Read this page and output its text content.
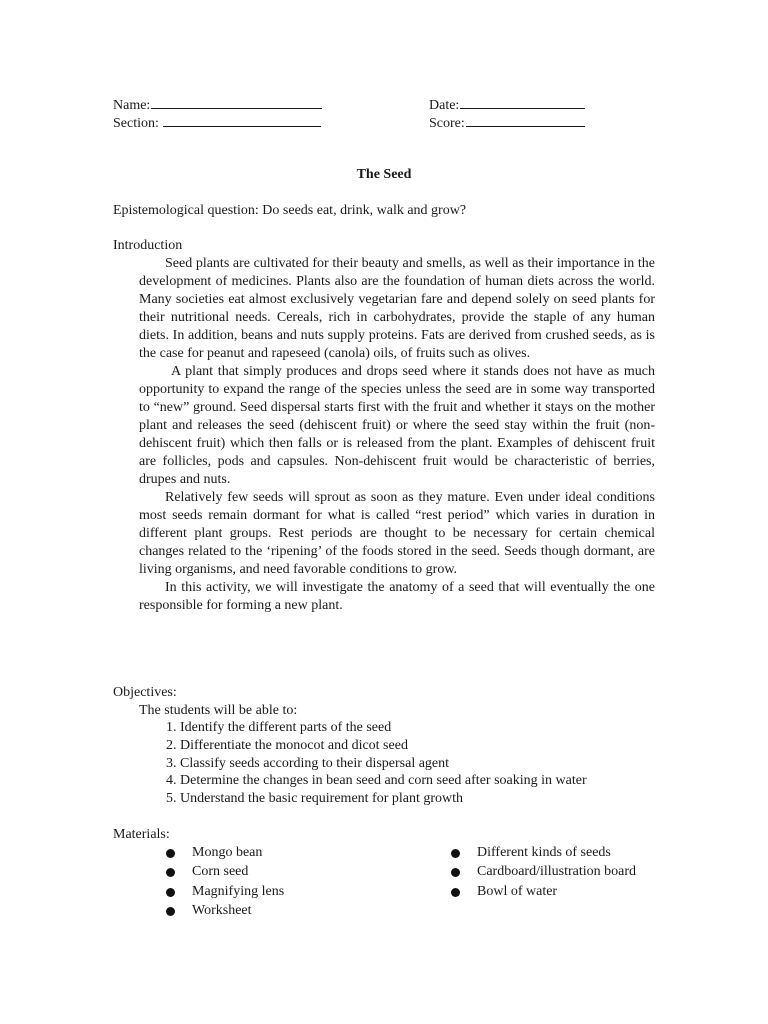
Name:	Date:
Section:	Score:
The Seed
Epistemological question: Do seeds eat, drink, walk and grow?
Introduction

Seed plants are cultivated for their beauty and smells, as well as their importance in the development of medicines. Plants also are the foundation of human diets across the world. Many societies eat almost exclusively vegetarian fare and depend solely on seed plants for their nutritional needs. Cereals, rich in carbohydrates, provide the staple of any human diets. In addition, beans and nuts supply proteins. Fats are derived from crushed seeds, as is the case for peanut and rapeseed (canola) oils, of fruits such as olives.

A plant that simply produces and drops seed where it stands does not have as much opportunity to expand the range of the species unless the seed are in some way transported to “new” ground. Seed dispersal starts first with the fruit and whether it stays on the mother plant and releases the seed (dehiscent fruit) or where the seed stay within the fruit (non-dehiscent fruit) which then falls or is released from the plant. Examples of dehiscent fruit are follicles, pods and capsules. Non-dehiscent fruit would be characteristic of berries, drupes and nuts.

Relatively few seeds will sprout as soon as they mature. Even under ideal conditions most seeds remain dormant for what is called “rest period” which varies in duration in different plant groups. Rest periods are thought to be necessary for certain chemical changes related to the ‘ripening’ of the foods stored in the seed. Seeds though dormant, are living organisms, and need favorable conditions to grow.

In this activity, we will investigate the anatomy of a seed that will eventually the one responsible for forming a new plant.

Objectives:
The students will be able to:
1. Identify the different parts of the seed
2. Differentiate the monocot and dicot seed
3. Classify seeds according to their dispersal agent
4. Determine the changes in bean seed and corn seed after soaking in water
5. Understand the basic requirement for plant growth
Materials:
Mongo bean
Corn seed
Magnifying lens
Worksheet
Different kinds of seeds
Cardboard/illustration board
Bowl of water
